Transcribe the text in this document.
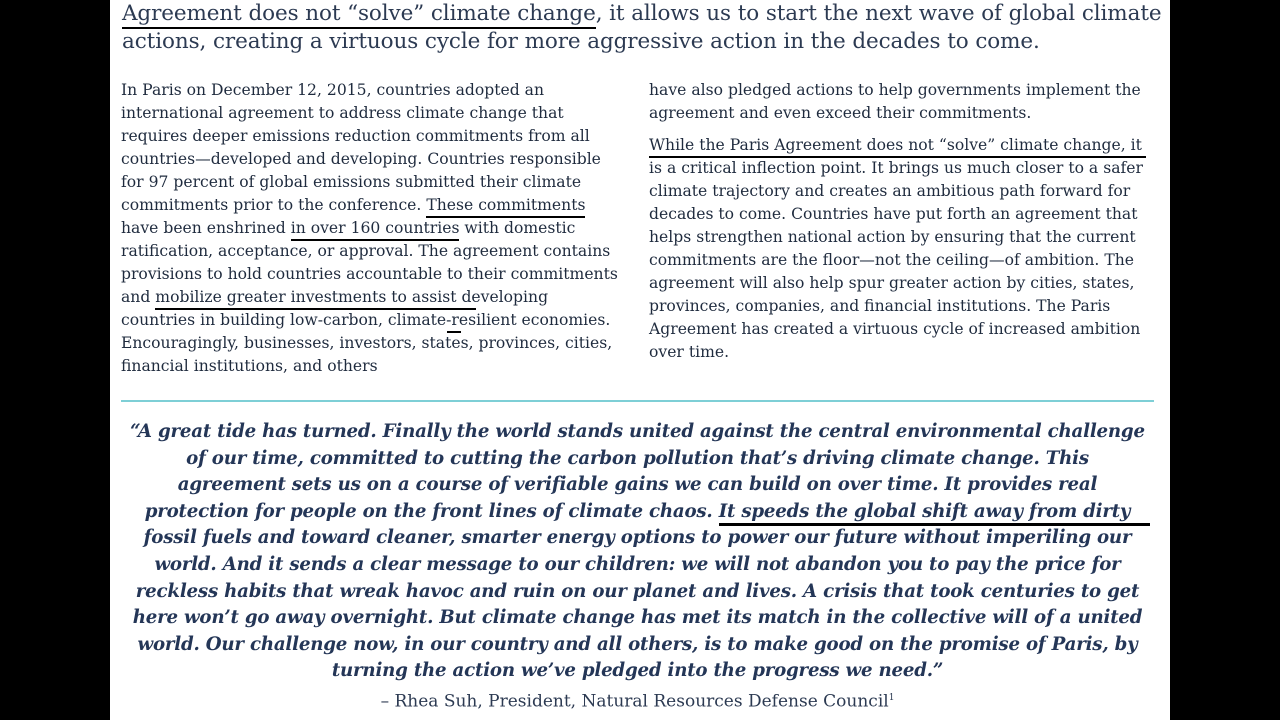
Agreement does not “solve” climate change, it allows us to start the next wave of global climate actions, creating a virtuous cycle for more aggressive action in the decades to come.

In Paris on December 12, 2015, countries adopted an international agreement to address climate change that requires deeper emissions reduction commitments from all countries—developed and developing. Countries responsible for 97 percent of global emissions submitted their climate commitments prior to the conference. These commitments have been enshrined in over 160 countries with domestic ratification, acceptance, or approval. The agreement contains provisions to hold countries accountable to their commitments and mobilize greater investments to assist developing countries in building low-carbon, climate-resilient economies. Encouragingly, businesses, investors, states, provinces, cities, financial institutions, and others

have also pledged actions to help governments implement the agreement and even exceed their commitments.

While the Paris Agreement does not “solve” climate change, it is a critical inflection point. It brings us much closer to a safer climate trajectory and creates an ambitious path forward for decades to come. Countries have put forth an agreement that helps strengthen national action by ensuring that the current commitments are the floor—not the ceiling—of ambition. The agreement will also help spur greater action by cities, states, provinces, companies, and financial institutions. The Paris Agreement has created a virtuous cycle of increased ambition over time.

“A great tide has turned. Finally the world stands united against the central environmental challenge of our time, committed to cutting the carbon pollution that’s driving climate change. This agreement sets us on a course of verifiable gains we can build on over time. It provides real protection for people on the front lines of climate chaos. It speeds the global shift away from dirty fossil fuels and toward cleaner, smarter energy options to power our future without imperiling our world. And it sends a clear message to our children: we will not abandon you to pay the price for reckless habits that wreak havoc and ruin on our planet and lives. A crisis that took centuries to get here won’t go away overnight. But climate change has met its match in the collective will of a united world. Our challenge now, in our country and all others, is to make good on the promise of Paris, by turning the action we’ve pledged into the progress we need.”

– Rhea Suh, President, Natural Resources Defense Council$^1$
